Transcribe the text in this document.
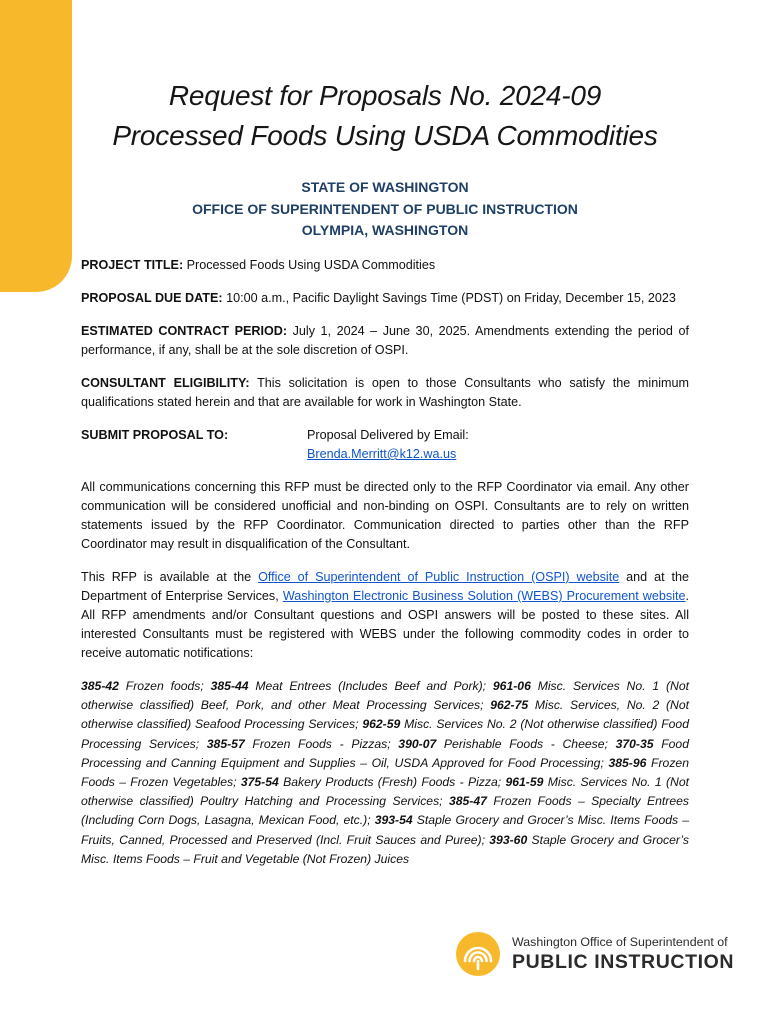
Request for Proposals No. 2024-09
Processed Foods Using USDA Commodities
STATE OF WASHINGTON
OFFICE OF SUPERINTENDENT OF PUBLIC INSTRUCTION
OLYMPIA, WASHINGTON

PROJECT TITLE: Processed Foods Using USDA Commodities

PROPOSAL DUE DATE: 10:00 a.m., Pacific Daylight Savings Time (PDST) on Friday, December 15, 2023

ESTIMATED CONTRACT PERIOD: July 1, 2024 – June 30, 2025. Amendments extending the period of performance, if any, shall be at the sole discretion of OSPI.

CONSULTANT ELIGIBILITY: This solicitation is open to those Consultants who satisfy the minimum qualifications stated herein and that are available for work in Washington State.

SUBMIT PROPOSAL TO:	Proposal Delivered by Email:
Brenda.Merritt@k12.wa.us

All communications concerning this RFP must be directed only to the RFP Coordinator via email. Any other communication will be considered unofficial and non-binding on OSPI. Consultants are to rely on written statements issued by the RFP Coordinator. Communication directed to parties other than the RFP Coordinator may result in disqualification of the Consultant.

This RFP is available at the Office of Superintendent of Public Instruction (OSPI) website and at the Department of Enterprise Services, Washington Electronic Business Solution (WEBS) Procurement website. All RFP amendments and/or Consultant questions and OSPI answers will be posted to these sites. All interested Consultants must be registered with WEBS under the following commodity codes in order to receive automatic notifications:

385-42 Frozen foods; 385-44 Meat Entrees (Includes Beef and Pork); 961-06 Misc. Services No. 1 (Not otherwise classified) Beef, Pork, and other Meat Processing Services; 962-75 Misc. Services, No. 2 (Not otherwise classified) Seafood Processing Services; 962-59 Misc. Services No. 2 (Not otherwise classified) Food Processing Services; 385-57 Frozen Foods - Pizzas; 390-07 Perishable Foods - Cheese; 370-35 Food Processing and Canning Equipment and Supplies – Oil, USDA Approved for Food Processing; 385-96 Frozen Foods – Frozen Vegetables; 375-54 Bakery Products (Fresh) Foods - Pizza; 961-59 Misc. Services No. 1 (Not otherwise classified) Poultry Hatching and Processing Services; 385-47 Frozen Foods – Specialty Entrees (Including Corn Dogs, Lasagna, Mexican Food, etc.); 393-54 Staple Grocery and Grocer’s Misc. Items Foods – Fruits, Canned, Processed and Preserved (Incl. Fruit Sauces and Puree); 393-60 Staple Grocery and Grocer’s Misc. Items Foods – Fruit and Vegetable (Not Frozen) Juices

Washington Office of Superintendent of
PUBLIC INSTRUCTION
